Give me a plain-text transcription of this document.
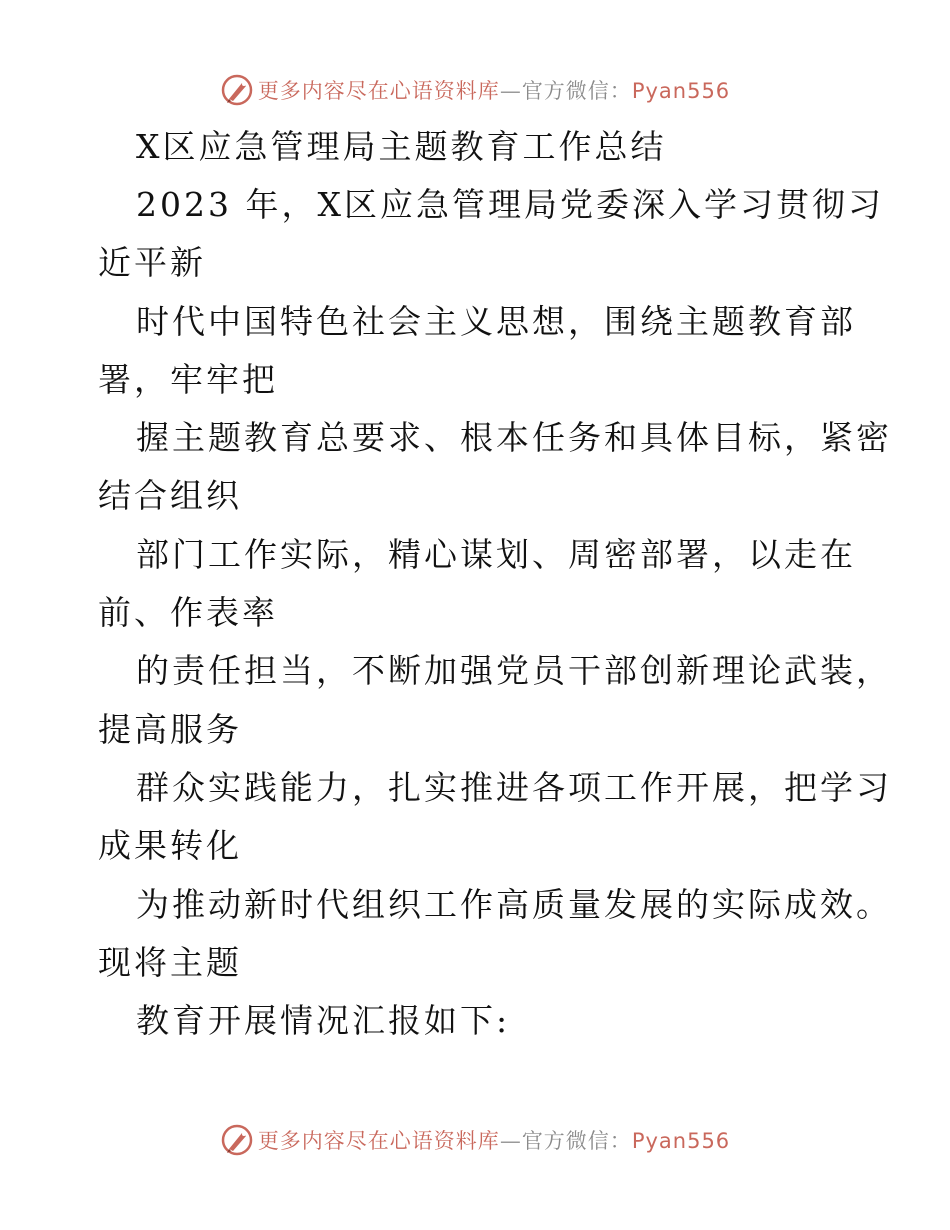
更多内容尽在心语资料库—官方微信：Pyan556
X区应急管理局主题教育工作总结
2023 年，X区应急管理局党委深入学习贯彻习
近平新
时代中国特色社会主义思想，围绕主题教育部
署，牢牢把
握主题教育总要求、根本任务和具体目标，紧密
结合组织
部门工作实际，精心谋划、周密部署，以走在
前、作表率
的责任担当，不断加强党员干部创新理论武装，
提高服务
群众实践能力，扎实推进各项工作开展，把学习
成果转化
为推动新时代组织工作高质量发展的实际成效。
现将主题
教育开展情况汇报如下:
更多内容尽在心语资料库—官方微信：Pyan556
